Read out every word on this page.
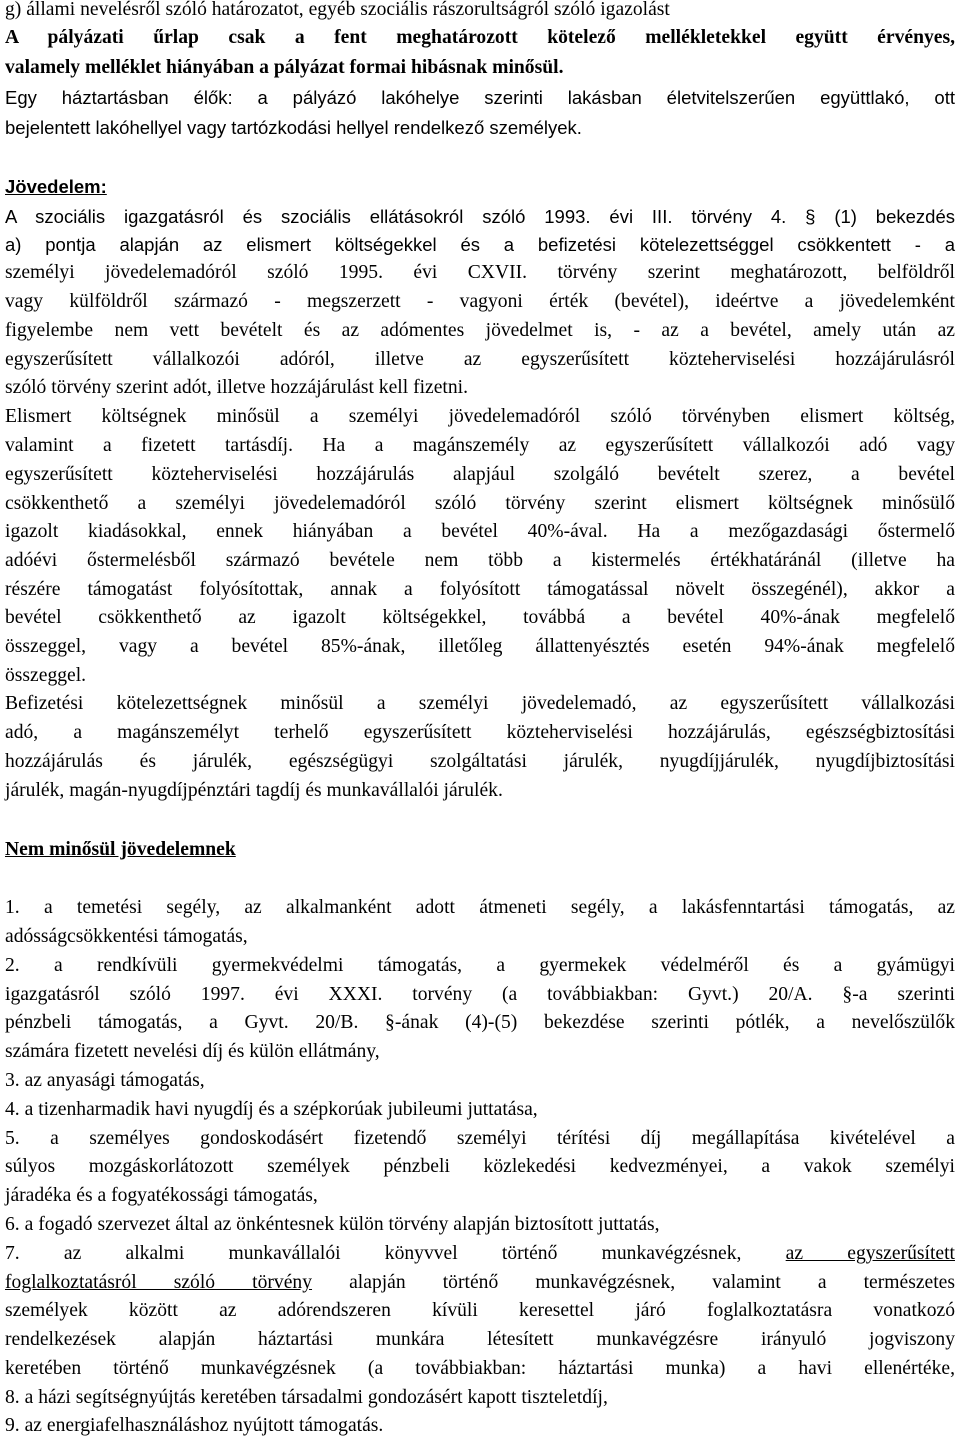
g) állami nevelésről szóló határozatot, egyéb szociális rászorultságról szóló igazolást
A pályázati űrlap csak a fent meghatározott kötelező mellékletekkel együtt érvényes,
valamely melléklet hiányában a pályázat formai hibásnak minősül.
Egy háztartásban élők: a pályázó lakóhelye szerinti lakásban életvitelszerűen együttlakó, ott
bejelentett lakóhellyel vagy tartózkodási hellyel rendelkező személyek.
Jövedelem:
A szociális igazgatásról és szociális ellátásokról szóló 1993. évi III. törvény 4. § (1) bekezdés
a) pontja alapján az elismert költségekkel és a befizetési kötelezettséggel csökkentett - a
személyi jövedelemadóról szóló 1995. évi CXVII. törvény szerint meghatározott, belföldről
vagy külföldről származó - megszerzett - vagyoni érték (bevétel), ideértve a jövedelemként
figyelembe nem vett bevételt és az adómentes jövedelmet is, - az a bevétel, amely után az
egyszerűsített vállalkozói adóról, illetve az egyszerűsített közteherviselési hozzájárulásról
szóló törvény szerint adót, illetve hozzájárulást kell fizetni.
Elismert költségnek minősül a személyi jövedelemadóról szóló törvényben elismert költség,
valamint a fizetett tartásdíj. Ha a magánszemély az egyszerűsített vállalkozói adó vagy
egyszerűsített közteherviselési hozzájárulás alapjául szolgáló bevételt szerez, a bevétel
csökkenthető a személyi jövedelemadóról szóló törvény szerint elismert költségnek minősülő
igazolt kiadásokkal, ennek hiányában a bevétel 40%-ával. Ha a mezőgazdasági őstermelő
adóévi őstermelésből származó bevétele nem több a kistermelés értékhatáránál (illetve ha
részére támogatást folyósítottak, annak a folyósított támogatással növelt összegénél), akkor a
bevétel csökkenthető az igazolt költségekkel, továbbá a bevétel 40%-ának megfelelő
összeggel, vagy a bevétel 85%-ának, illetőleg állattenyésztés esetén 94%-ának megfelelő
összeggel.
Befizetési kötelezettségnek minősül a személyi jövedelemadó, az egyszerűsített vállalkozási
adó, a magánszemélyt terhelő egyszerűsített közteherviselési hozzájárulás, egészségbiztosítási
hozzájárulás és járulék, egészségügyi szolgáltatási járulék, nyugdíjjárulék, nyugdíjbiztosítási
járulék, magán-nyugdíjpénztári tagdíj és munkavállalói járulék.
Nem minősül jövedelemnek
1. a temetési segély, az alkalmanként adott átmeneti segély, a lakásfenntartási támogatás, az
adósságcsökkentési támogatás,
2. a rendkívüli gyermekvédelmi támogatás, a gyermekek védelméről és a gyámügyi
igazgatásról szóló 1997. évi XXXI. torvény (a továbbiakban: Gyvt.) 20/A. §-a szerinti
pénzbeli támogatás, a Gyvt. 20/B. §-ának (4)-(5) bekezdése szerinti pótlék, a nevelőszülők
számára fizetett nevelési díj és külön ellátmány,
3. az anyasági támogatás,
4. a tizenharmadik havi nyugdíj és a szépkorúak jubileumi juttatása,
5. a személyes gondoskodásért fizetendő személyi térítési díj megállapítása kivételével a
súlyos mozgáskorlátozott személyek pénzbeli közlekedési kedvezményei, a vakok személyi
járadéka és a fogyatékossági támogatás,
6. a fogadó szervezet által az önkéntesnek külön törvény alapján biztosított juttatás,
7. az alkalmi munkavállalói könyvvel történő munkavégzésnek, az egyszerűsített
foglalkoztatásról szóló törvény alapján történő munkavégzésnek, valamint a természetes
személyek között az adórendszeren kívüli keresettel járó foglalkoztatásra vonatkozó
rendelkezések alapján háztartási munkára létesített munkavégzésre irányuló jogviszony
keretében történő munkavégzésnek (a továbbiakban: háztartási munka) a havi ellenértéke,
8. a házi segítségnyújtás keretében társadalmi gondozásért kapott tiszteletdíj,
9. az energiafelhasználáshoz nyújtott támogatás.
